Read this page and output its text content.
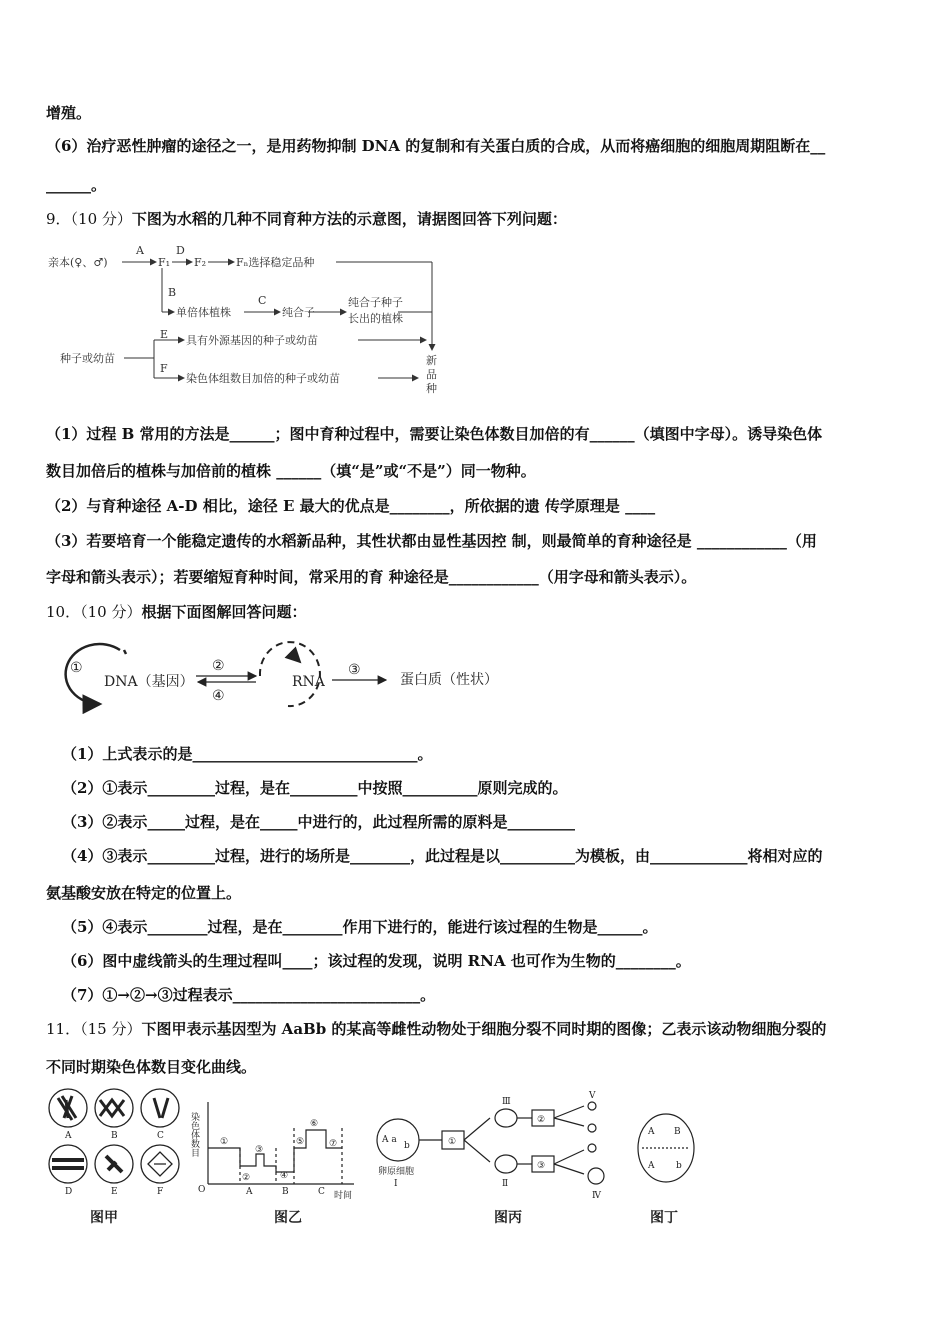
增殖。
（6）治疗恶性肿瘤的途径之一，是用药物抑制 DNA 的复制和有关蛋白质的合成，从而将癌细胞的细胞周期阻断在__
______。
9．（10 分）下图为水稻的几种不同育种方法的示意图，请据图回答下列问题：
亲本(♀、♂)
A	D
F₁ F₂	Fₙ选择稳定品种
B
单倍体植株
C
纯合子
纯合子种子
长出的植株
种子或幼苗
E 具有外源基因的种子或幼苗
F
染色体组数目加倍的种子或幼苗
新
品
种
（1）过程 B 常用的方法是______；图中育种过程中，需要让染色体数目加倍的有______（填图中字母）。诱导染色体
数目加倍后的植株与加倍前的植株 ______（填“是”或“不是”）同一物种。
（2）与育种途径 A-D 相比，途径 E 最大的优点是________，所依据的遗 传学原理是 ____
（3）若要培育一个能稳定遗传的水稻新品种，其性状都由显性基因控 制，则最简单的育种途径是 ____________（用
字母和箭头表示）；若要缩短育种时间，常采用的育 种途径是____________（用字母和箭头表示）。
10．（10 分）根据下面图解回答问题：
①
DNA（基因）
②
④
RNA
③
蛋白质（性状）
（1）上式表示的是______________________________。
（2）①表示_________过程，是在_________中按照__________原则完成的。
（3）②表示_____过程，是在_____中进行的，此过程所需的原料是_________
（4）③表示_________过程，进行的场所是________，此过程是以__________为模板，由_____________将相对应的
氨基酸安放在特定的位置上。
（5）④表示________过程，是在________作用下进行的，能进行该过程的生物是______。
（6）图中虚线箭头的生理过程叫____；该过程的发现，说明 RNA 也可作为生物的________。
（7）①→②→③过程表示_________________________。
11．（15 分）下图甲表示基因型为 AaBb 的某高等雌性动物处于细胞分裂不同时期的图像；乙表示该动物细胞分裂的
不同时期染色体数目变化曲线。
A	B	C
D	E	F
图甲
染色体数目
O	A	B	C 时间
①
②
③
④
⑤
⑥
⑦
图乙
A a
b
卵原细胞
Ⅰ
①
②
③
Ⅲ
Ⅱ
Ⅴ
Ⅳ
图丙
A B
A b
图丁
